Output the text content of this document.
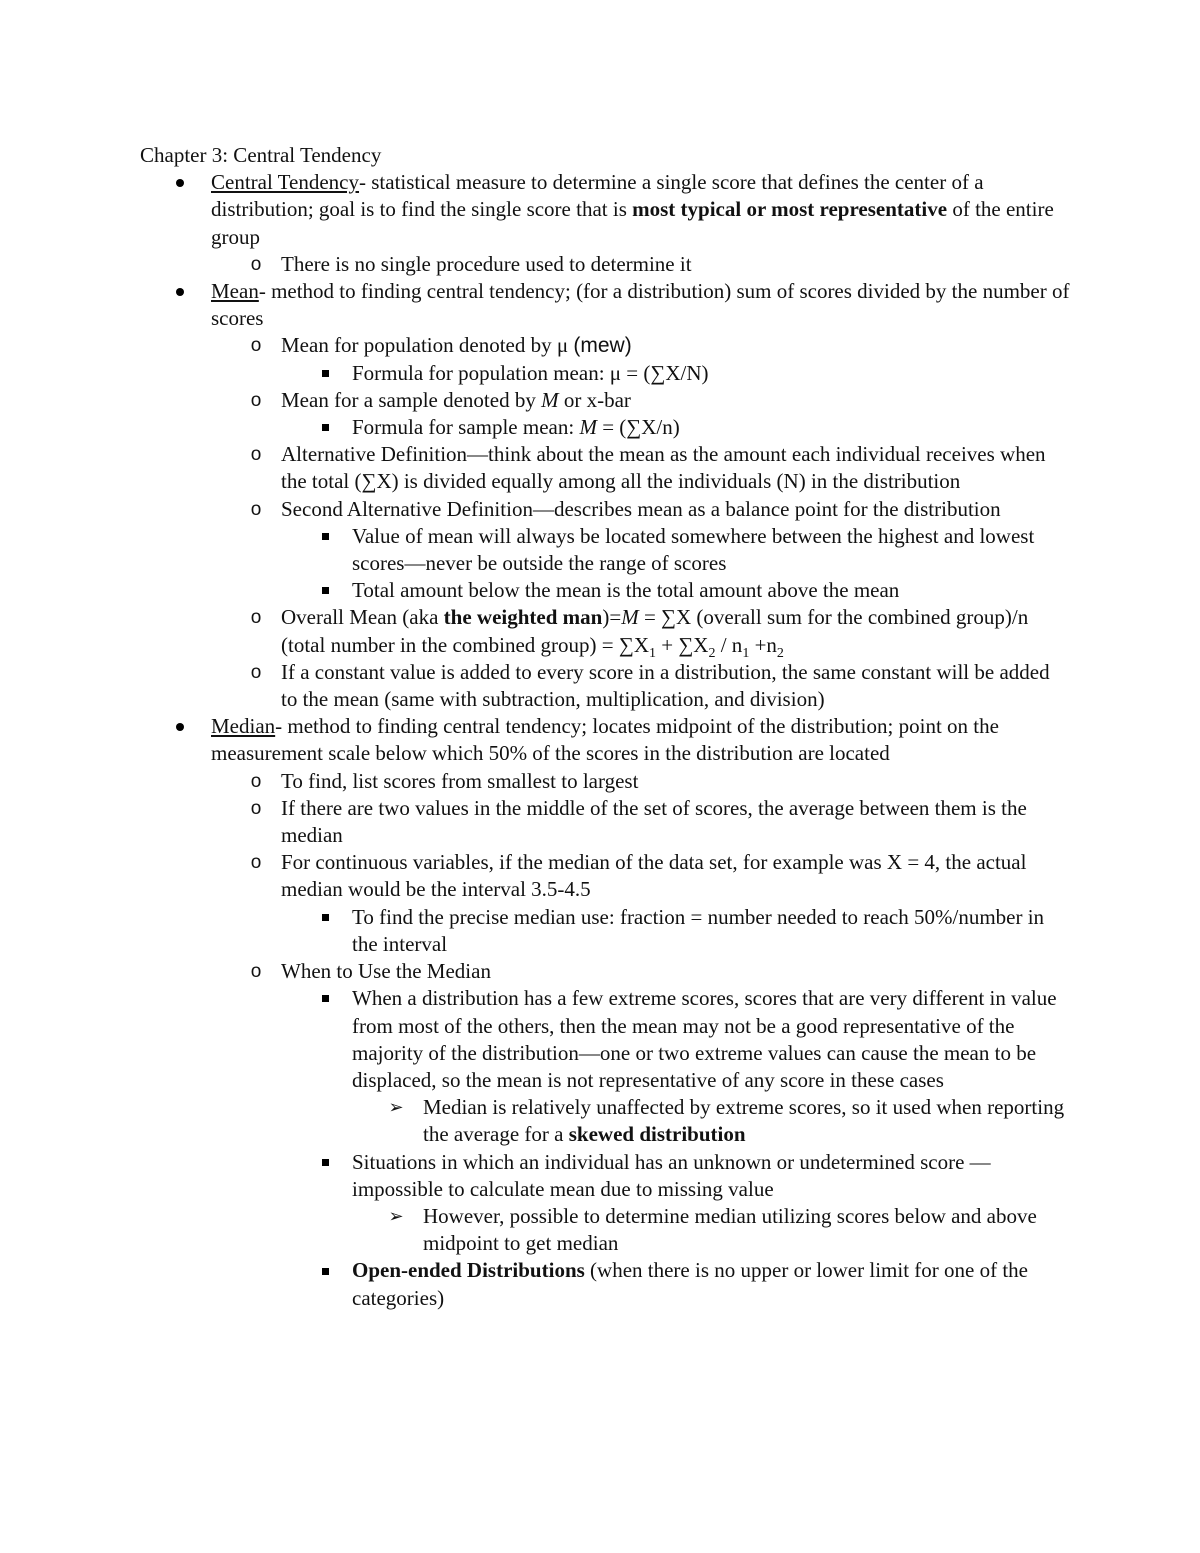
Chapter 3: Central Tendency
Central Tendency- statistical measure to determine a single score that defines the center of a distribution; goal is to find the single score that is most typical or most representative of the entire group
o There is no single procedure used to determine it
Mean- method to finding central tendency; (for a distribution) sum of scores divided by the number of scores
o Mean for population denoted by μ (mew)
Formula for population mean: μ = (∑X/N)
o Mean for a sample denoted by M or x-bar
Formula for sample mean: M = (∑X/n)
o Alternative Definition—think about the mean as the amount each individual receives when the total (∑X) is divided equally among all the individuals (N) in the distribution
o Second Alternative Definition—describes mean as a balance point for the distribution
Value of mean will always be located somewhere between the highest and lowest scores—never be outside the range of scores
Total amount below the mean is the total amount above the mean
o Overall Mean (aka the weighted man)=M = ∑X (overall sum for the combined group)/n (total number in the combined group) = $\sum X_1 + \sum X_2 / n_1 +n_2$
o If a constant value is added to every score in a distribution, the same constant will be added to the mean (same with subtraction, multiplication, and division)
Median- method to finding central tendency; locates midpoint of the distribution; point on the measurement scale below which 50% of the scores in the distribution are located
o To find, list scores from smallest to largest
o If there are two values in the middle of the set of scores, the average between them is the median
o For continuous variables, if the median of the data set, for example was X = 4, the actual median would be the interval 3.5-4.5
To find the precise median use: fraction = number needed to reach 50%/number in the interval
o When to Use the Median
When a distribution has a few extreme scores, scores that are very different in value from most of the others, then the mean may not be a good representative of the majority of the distribution—one or two extreme values can cause the mean to be displaced, so the mean is not representative of any score in these cases
➢ Median is relatively unaffected by extreme scores, so it used when reporting the average for a skewed distribution
Situations in which an individual has an unknown or undetermined score —impossible to calculate mean due to missing value
➢ However, possible to determine median utilizing scores below and above midpoint to get median
Open-ended Distributions (when there is no upper or lower limit for one of the categories)
